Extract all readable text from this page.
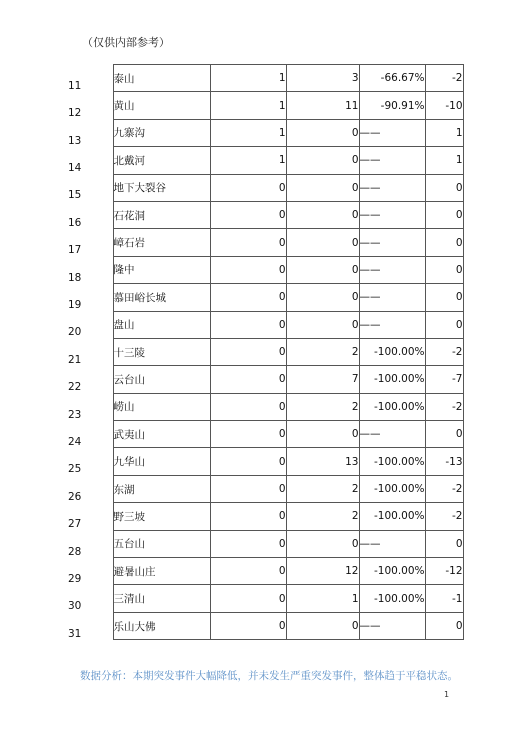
（仅供内部参考）
11	泰山	1	3	-66.67%	-2
12	黄山	1	11	-90.91%	-10
13	九寨沟	1	0	——	1
14	北戴河	1	0	——	1
15	地下大裂谷	0	0	——	0
16	石花洞	0	0	——	0
17	嶂石岩	0	0	——	0
18	隆中	0	0	——	0
19	慕田峪长城	0	0	——	0
20	盘山	0	0	——	0
21	十三陵	0	2	-100.00%	-2
22	云台山	0	7	-100.00%	-7
23	崂山	0	2	-100.00%	-2
24	武夷山	0	0	——	0
25	九华山	0	13	-100.00%	-13
26	东湖	0	2	-100.00%	-2
27	野三坡	0	2	-100.00%	-2
28	五台山	0	0	——	0
29	避暑山庄	0	12	-100.00%	-12
30	三清山	0	1	-100.00%	-1
31	乐山大佛	0	0	——	0
数据分析：本期突发事件大幅降低，并未发生严重突发事件，整体趋于平稳状态。
1
